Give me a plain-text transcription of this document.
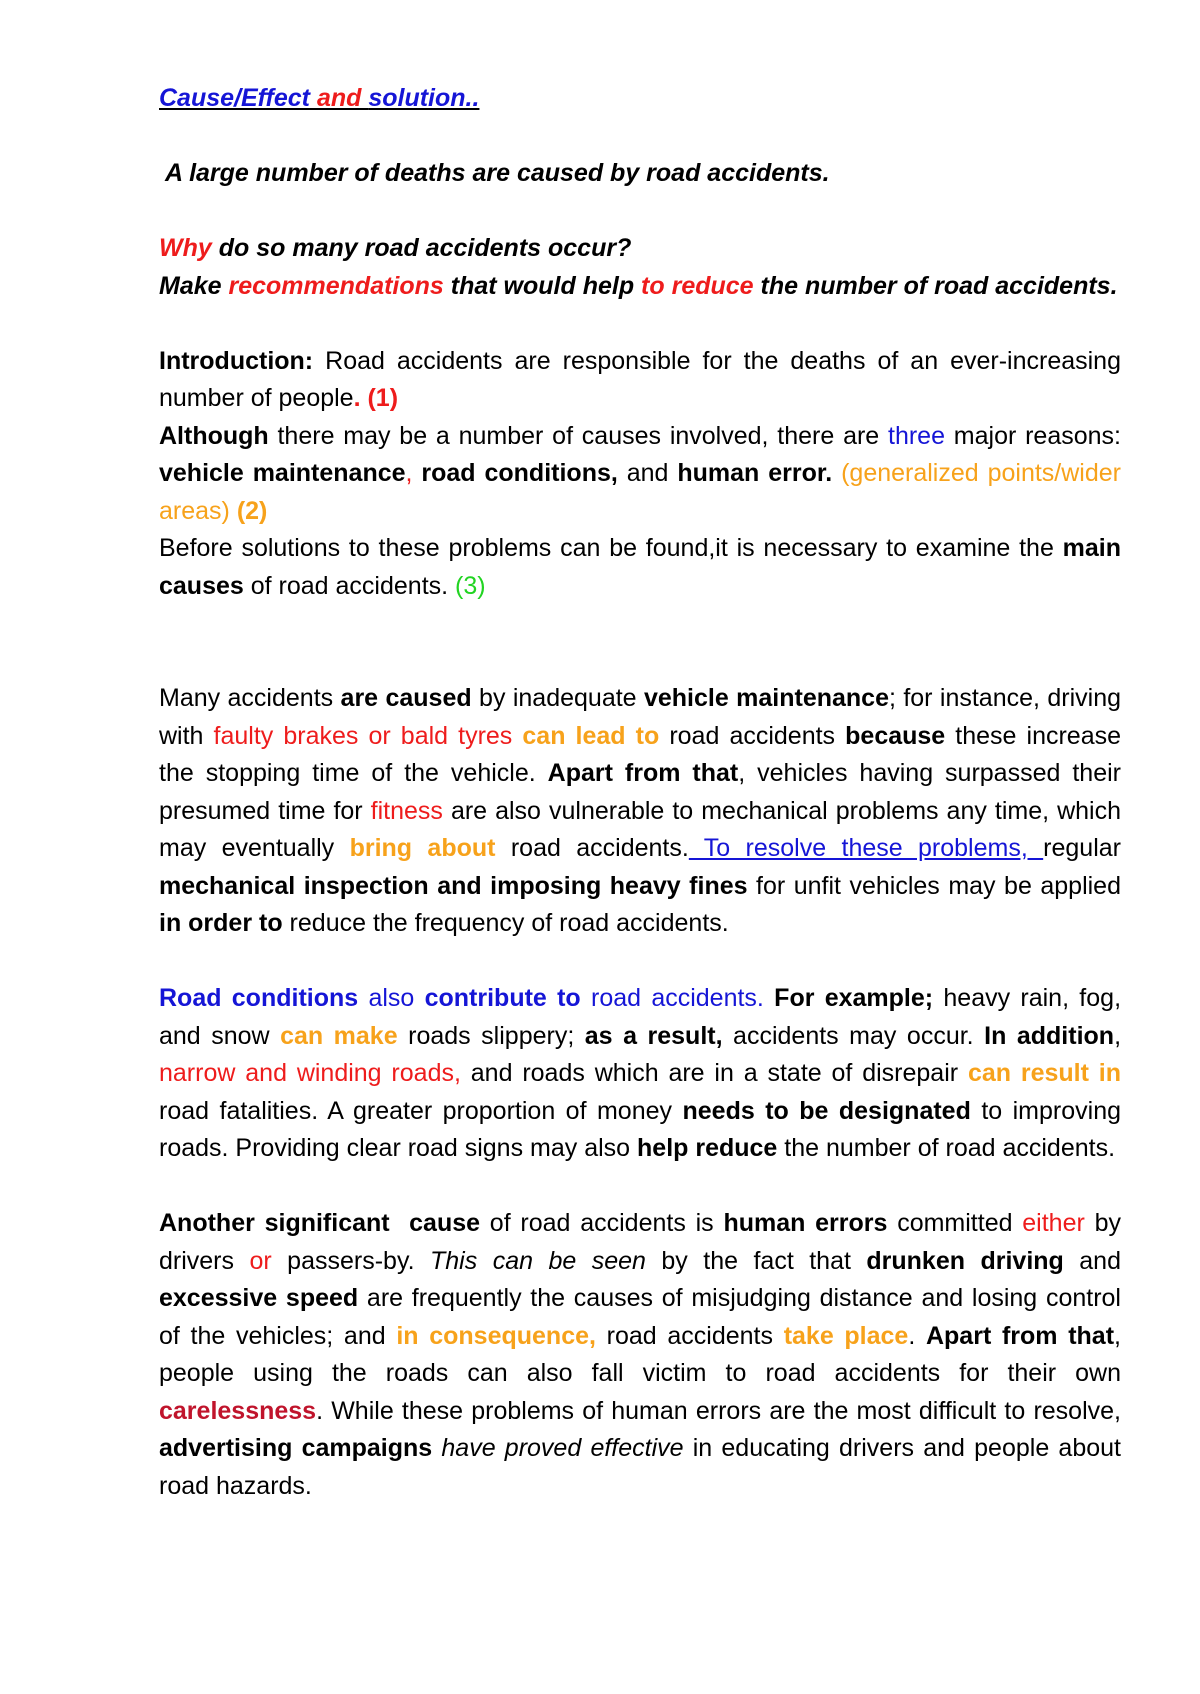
Cause/Effect and solution..

A large number of deaths are caused by road accidents.

Why do so many road accidents occur?

Make recommendations that would help to reduce the number of road accidents.

Introduction: Road accidents are responsible for the deaths of an ever-increasing number of people. (1)
Although there may be a number of causes involved, there are three major reasons: vehicle maintenance, road conditions, and human error. (generalized points/wider areas) (2)
Before solutions to these problems can be found,it is necessary to examine the main causes of road accidents. (3)

Many accidents are caused by inadequate vehicle maintenance; for instance, driving with faulty brakes or bald tyres can lead to road accidents because these increase the stopping time of the vehicle. Apart from that, vehicles having surpassed their presumed time for fitness are also vulnerable to mechanical problems any time, which may eventually bring about road accidents. To resolve these problems, regular mechanical inspection and imposing heavy fines for unfit vehicles may be applied in order to reduce the frequency of road accidents.

Road conditions also contribute to road accidents. For example; heavy rain, fog, and snow can make roads slippery; as a result, accidents may occur. In addition, narrow and winding roads, and roads which are in a state of disrepair can result in road fatalities. A greater proportion of money needs to be designated to improving roads. Providing clear road signs may also help reduce the number of road accidents.

Another significant  cause of road accidents is human errors committed either by drivers or passers-by. This can be seen by the fact that drunken driving and excessive speed are frequently the causes of misjudging distance and losing control of the vehicles; and in consequence, road accidents take place. Apart from that, people using the roads can also fall victim to road accidents for their own carelessness. While these problems of human errors are the most difficult to resolve, advertising campaigns have proved effective in educating drivers and people about road hazards.
